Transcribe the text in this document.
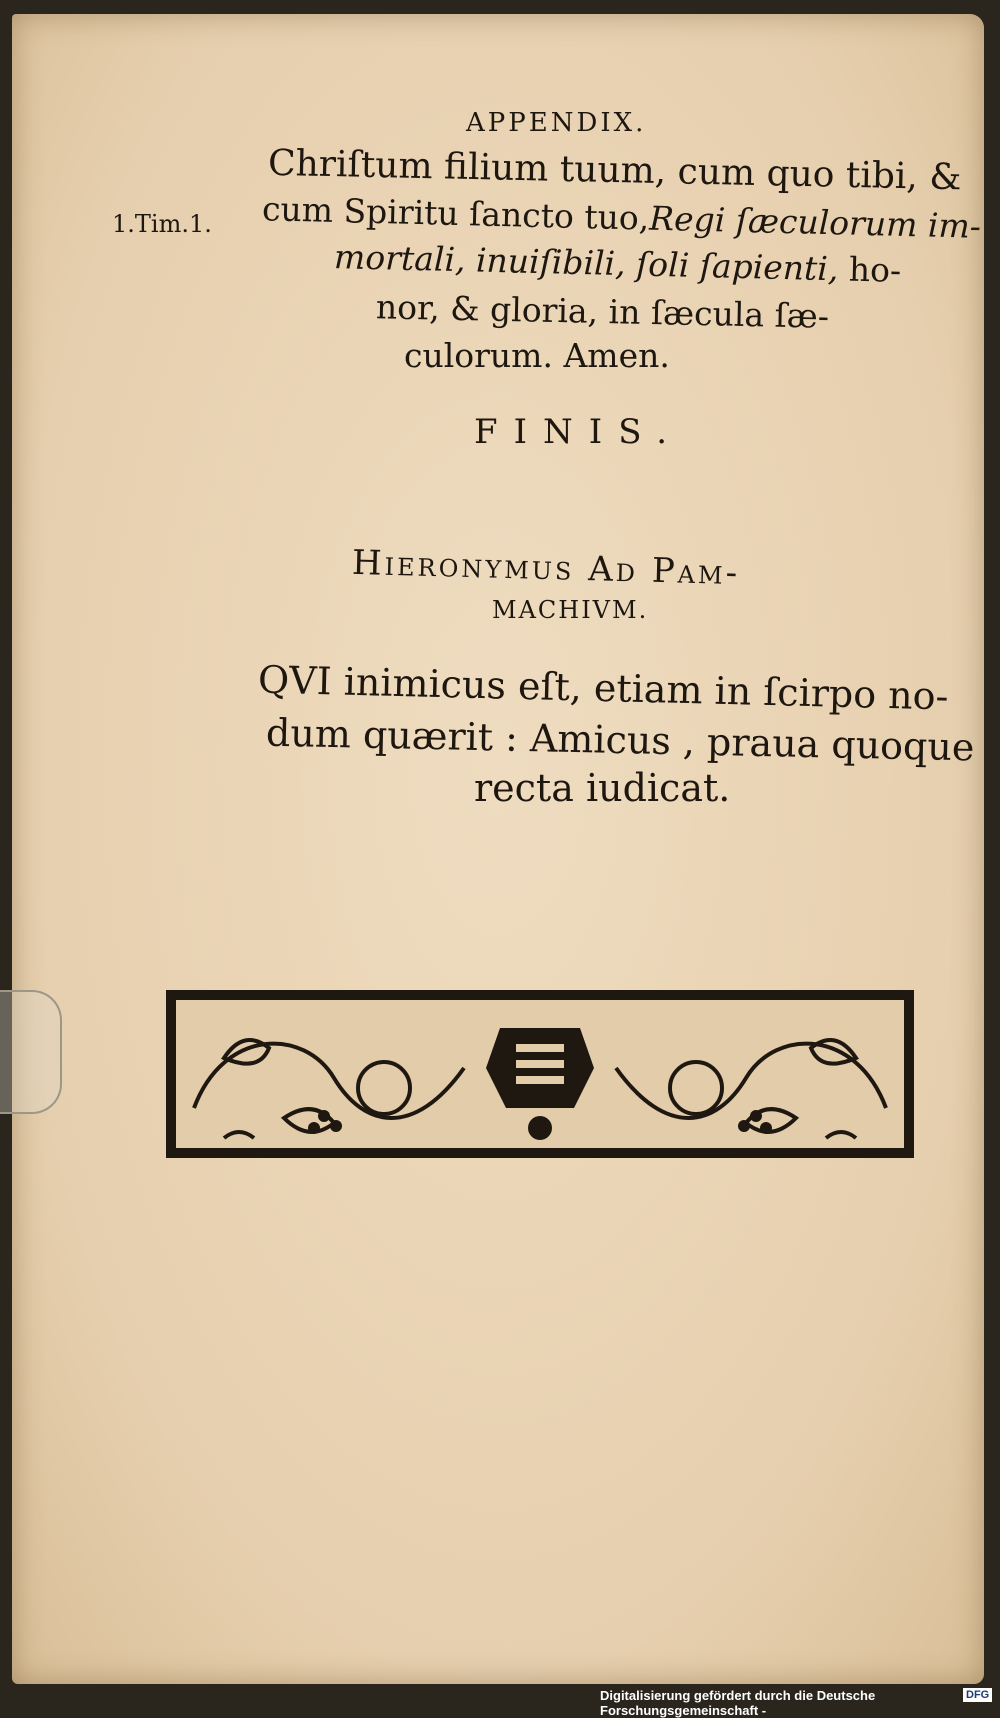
APPENDIX.
Chriſtum filium tuum, cum quo tibi, &
cum Spiritu ſancto tuo,Regi ſæculorum im-
mortali, inuiſibili, ſoli ſapienti, ho-
nor, & gloria, in ſæcula ſæ-
culorum. Amen.
1.Tim.1.
FINIS.
Hieronymus Ad Pam-
MACHIVM.
QVI inimicus eſt, etiam in ſcirpo no-
dum quærit : Amicus , praua quoque
recta iudicat.
Digitalisierung gefördert durch die Deutsche Forschungsgemeinschaft -
DFG
